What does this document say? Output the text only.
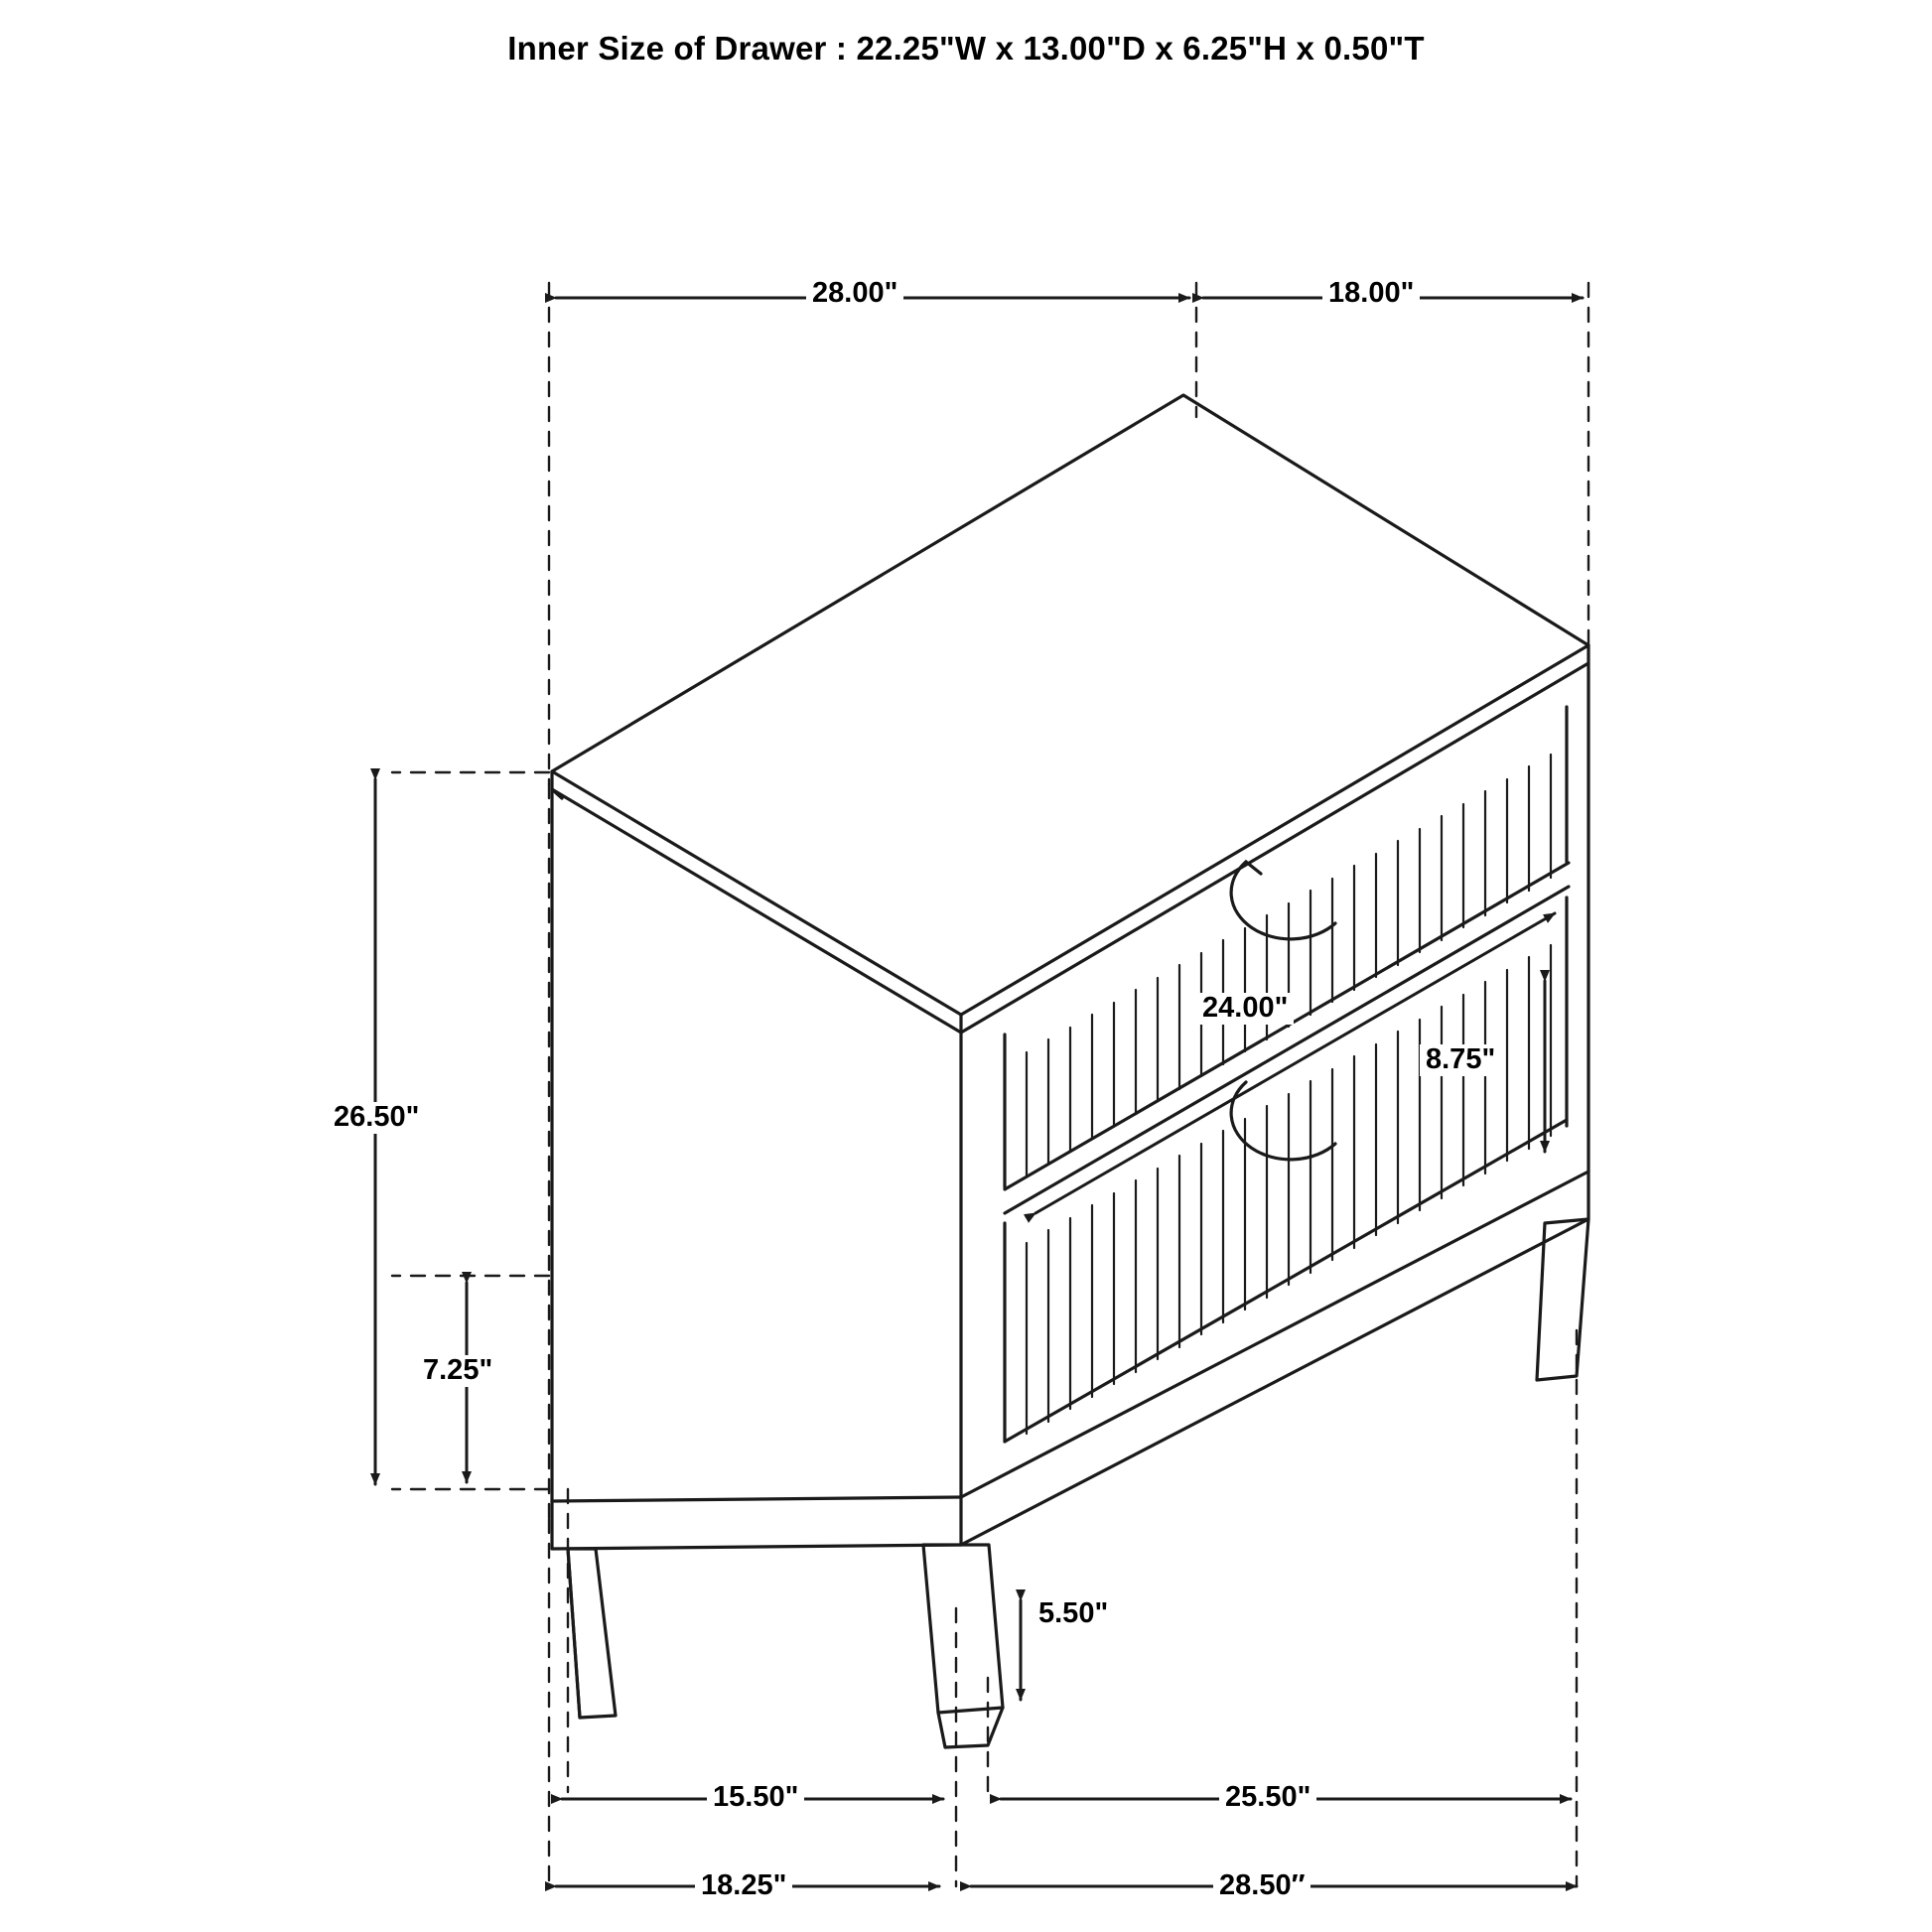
Inner Size of Drawer : 22.25"W x 13.00"D x 6.25"H x 0.50"T
28.00"	18.00"
26.50"
24.00"
8.75"
7.25"
5.50"
15.50"	25.50"
18.25"	28.50″
